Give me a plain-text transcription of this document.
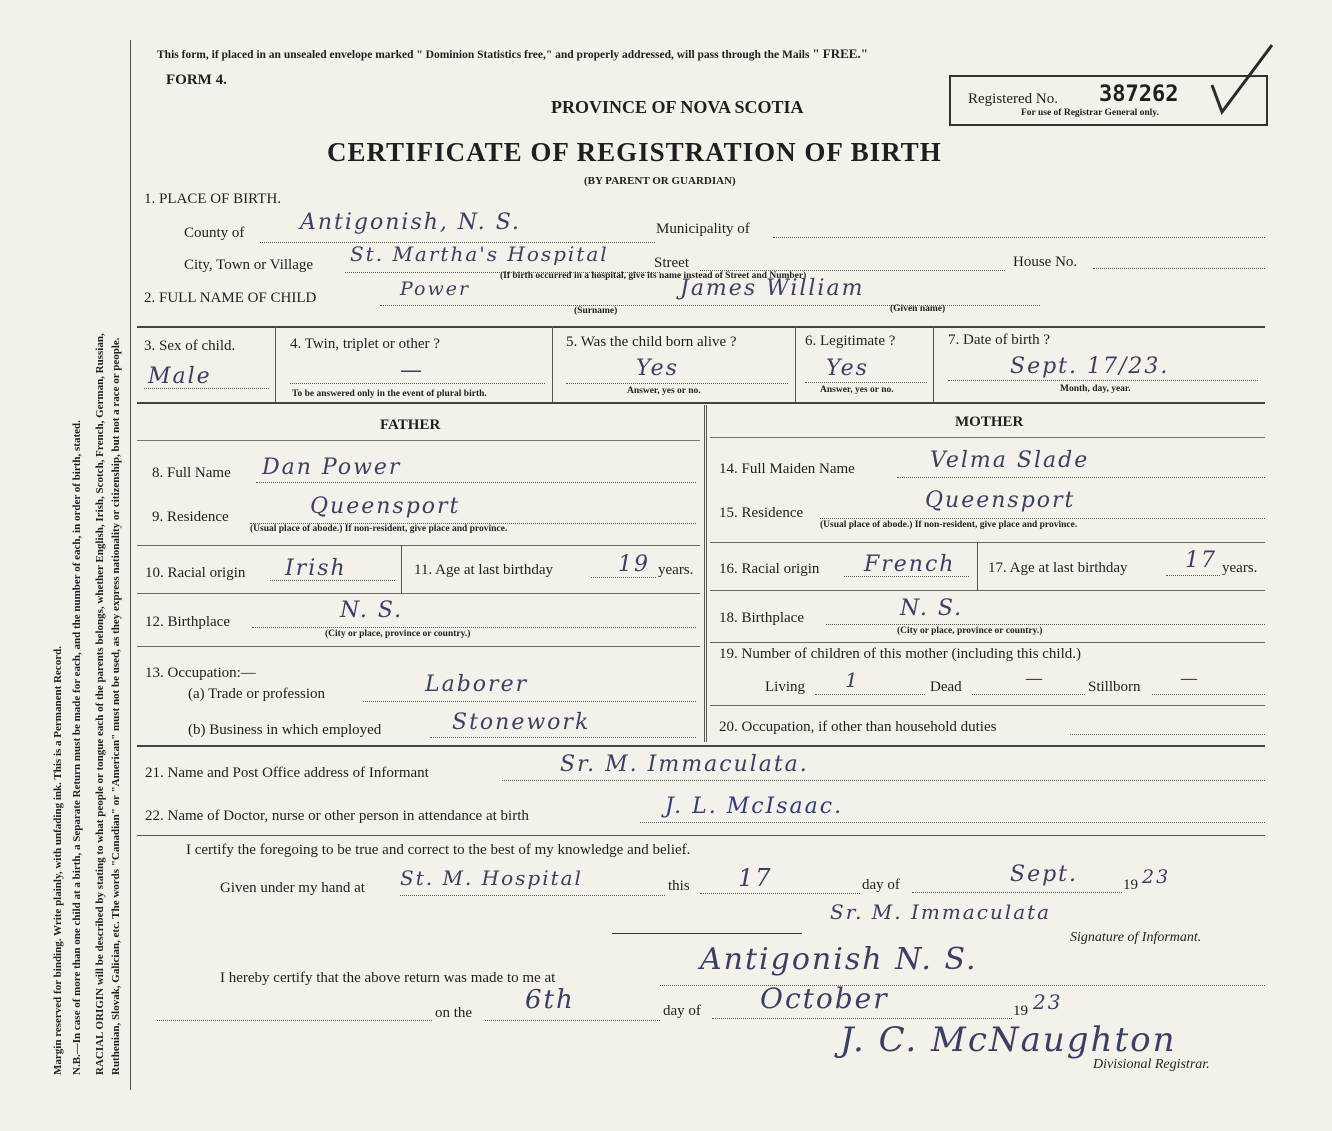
Margin reserved for binding. Write plainly, with unfading ink. This is a Permanent Record. N.B.—In case of more than one child at a birth, a Separate Return must be made for each, and the number of each, in order of birth, stated. RACIAL ORIGIN will be described by stating to what people or tongue each of the parents belongs, whether English, Irish, Scotch, French, German, Russian, Ruthenian, Slovak, Galician, etc. The words "Canadian" or "American" must not be used, as they express nationality or citizenship, but not a race or people.
This form, if placed in an unsealed envelope marked " Dominion Statistics free," and properly addressed, will pass through the Mails " FREE."
FORM 4.
PROVINCE OF NOVA SCOTIA
CERTIFICATE OF REGISTRATION OF BIRTH
(BY PARENT OR GUARDIAN)
Registered No. 387262
For use of Registrar General only.
1. PLACE OF BIRTH.
County of	Antigonish, N. S.	Municipality of
City, Town or Village St. Martha's Hospital	Street
(If birth occurred in a hospital, give its name instead of Street and Number)
House No.
2. FULL NAME OF CHILD	Power	James William
(Surname)	(Given name)
3. Sex of child.
Male
4. Twin, triplet or other ?
—
To be answered only in the event of plural birth.
5. Was the child born alive ?
Yes
Answer, yes or no.
6. Legitimate ?
Yes
Answer, yes or no.
7. Date of birth ?
Sept. 17/23.
Month, day, year.
FATHER	MOTHER
8. Full Name Dan Power
9. Residence	Queensport
(Usual place of abode.) If non-resident, give place and province.
10. Racial origin Irish	11. Age at last birthday	19 years.
12. Birthplace	N. S.
(City or place, province or country.)
13. Occupation:—
(a) Trade or profession	Laborer
(b) Business in which employed	Stonework
14. Full Maiden Name	Velma Slade
15. Residence	Queensport
(Usual place of abode.) If non-resident, give place and province.
16. Racial origin French 17. Age at last birthday	17 years.
18. Birthplace	N. S.
(City or place, province or country.)
19. Number of children of this mother (including this child.)
Living 1	Dead	—	Stillborn —
20. Occupation, if other than household duties
21. Name and Post Office address of Informant	Sr. M. Immaculata.
22. Name of Doctor, nurse or other person in attendance at birth	J. L. McIsaac.
I certify the foregoing to be true and correct to the best of my knowledge and belief.
Given under my hand at St. M. Hospital	this 17	day of	Sept.	19 23
Sr. M. Immaculata
Signature of Informant.
I hereby certify that the above return was made to me at
Antigonish N. S.
on the 6th	day of October	19 23
J. C. McNaughton
Divisional Registrar.
